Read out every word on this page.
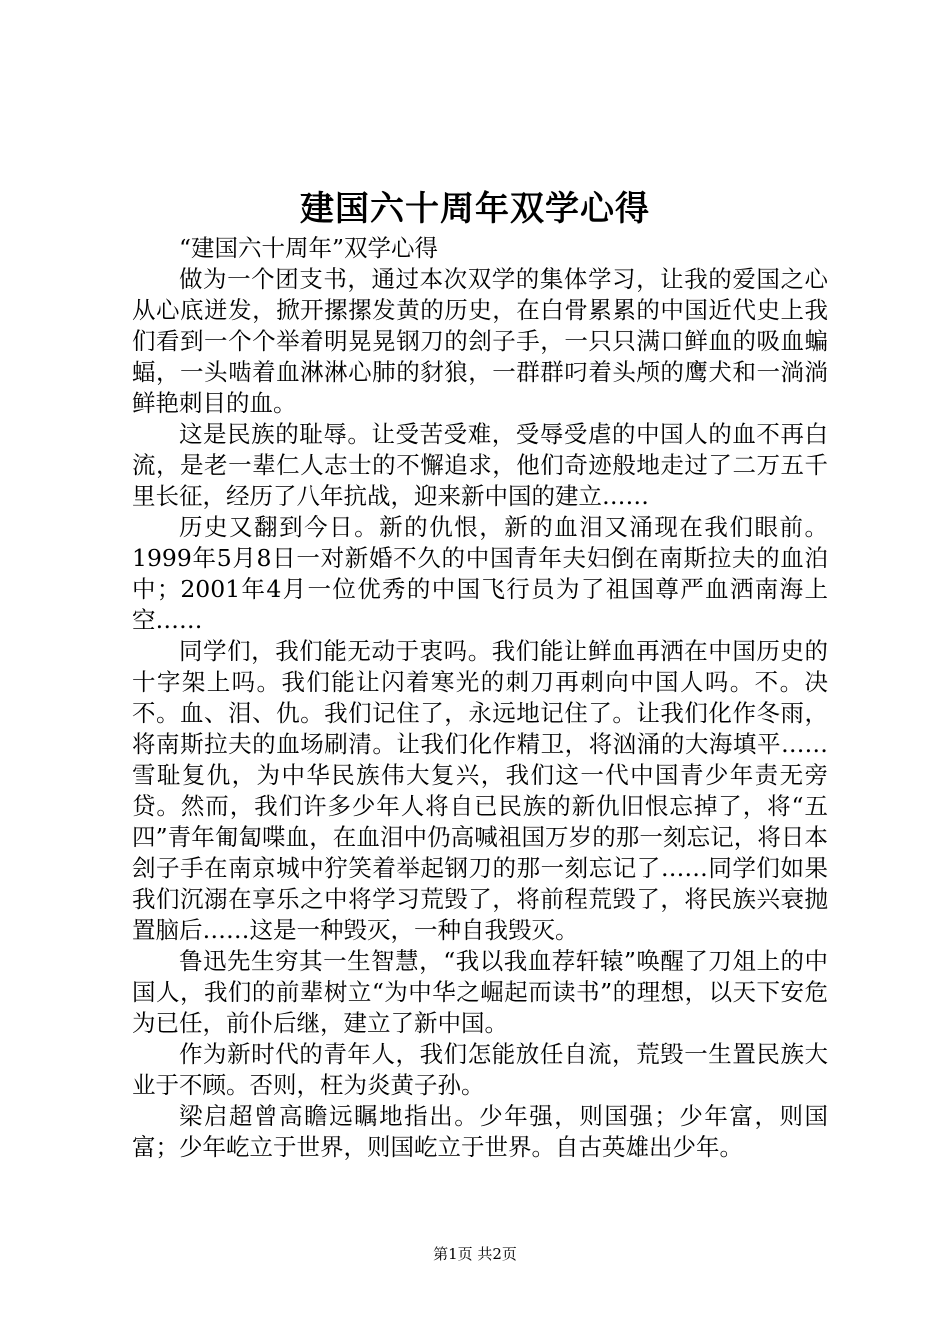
建国六十周年双学心得

“建国六十周年”双学心得

做为一个团支书，通过本次双学的集体学习，让我的爱国之心从心底迸发，掀开摞摞发黄的历史，在白骨累累的中国近代史上我们看到一个个举着明晃晃钢刀的刽子手，一只只满口鲜血的吸血蝙蝠，一头啮着血淋淋心肺的豺狼，一群群叼着头颅的鹰犬和一淌淌鲜艳刺目的血。

这是民族的耻辱。让受苦受难，受辱受虐的中国人的血不再白流，是老一辈仁人志士的不懈追求，他们奇迹般地走过了二万五千里长征，经历了八年抗战，迎来新中国的建立……

历史又翻到今日。新的仇恨，新的血泪又涌现在我们眼前。1999年5月8日一对新婚不久的中国青年夫妇倒在南斯拉夫的血泊中；2001年4月一位优秀的中国飞行员为了祖国尊严血洒南海上空……

同学们，我们能无动于衷吗。我们能让鲜血再洒在中国历史的十字架上吗。我们能让闪着寒光的刺刀再刺向中国人吗。不。决不。血、泪、仇。我们记住了，永远地记住了。让我们化作冬雨，将南斯拉夫的血场刷清。让我们化作精卫，将汹涌的大海填平……雪耻复仇，为中华民族伟大复兴，我们这一代中国青少年责无旁贷。然而，我们许多少年人将自已民族的新仇旧恨忘掉了，将“五四”青年匍匐喋血，在血泪中仍高喊祖国万岁的那一刻忘记，将日本刽子手在南京城中狞笑着举起钢刀的那一刻忘记了……同学们如果我们沉溺在享乐之中将学习荒毁了，将前程荒毁了，将民族兴衰抛置脑后……这是一种毁灭，一种自我毁灭。

鲁迅先生穷其一生智慧，“我以我血荐轩辕”唤醒了刀俎上的中国人，我们的前辈树立“为中华之崛起而读书”的理想，以天下安危为已任，前仆后继，建立了新中国。

作为新时代的青年人，我们怎能放任自流，荒毁一生置民族大业于不顾。否则，枉为炎黄子孙。

梁启超曾高瞻远瞩地指出。少年强，则国强；少年富，则国富；少年屹立于世界，则国屹立于世界。自古英雄出少年。

第1页 共2页
